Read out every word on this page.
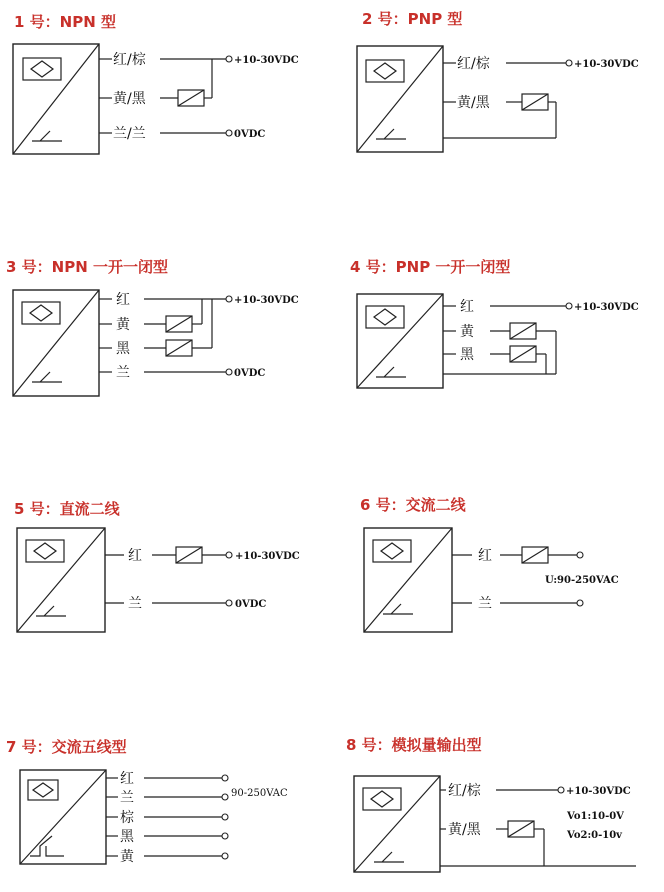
1 号：NPN 型
红/棕
黄/黑
兰/兰
+10-30VDC
0VDC
2 号：PNP 型
红/棕
黄/黑
+10-30VDC
3 号：NPN 一开一闭型
红
黄
黑
兰
+10-30VDC
0VDC
4 号：PNP 一开一闭型
红
黄
黑
+10-30VDC
5 号：直流二线
红
兰
+10-30VDC
0VDC
6 号：交流二线
红
兰
U:90-250VAC
7 号：交流五线型
红
兰
棕
黑
黄
90-250VAC
8 号：模拟量输出型
红/棕
黄/黑
+10-30VDC
Vo1:10-0V
Vo2:0-10v
